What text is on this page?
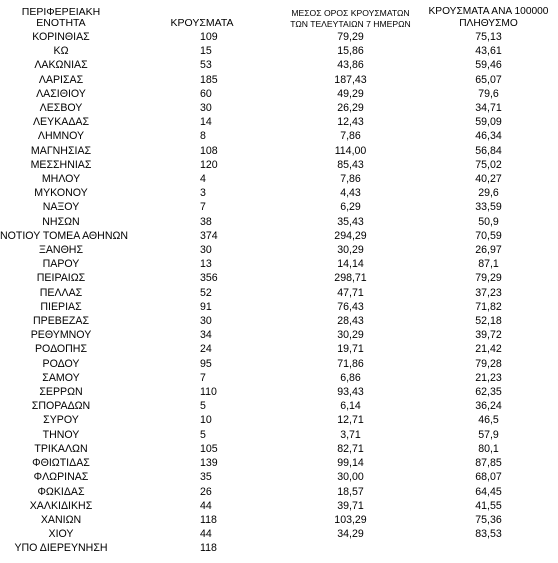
ΠΕΡΙΦΕΡΕΙΑΚΗ ΕΝΟΤΗΤΑ	ΚΡΟΥΣΜΑΤΑ	ΜΕΣΟΣ ΟΡΟΣ ΚΡΟΥΣΜΑΤΩΝ
ΤΩΝ ΤΕΛΕΥΤΑΙΩΝ 7 ΗΜΕΡΩΝ	ΚΡΟΥΣΜΑΤΑ ΑΝΑ 100000
ΠΛΗΘΥΣΜΟ

ΚΟΡΙΝΘΙΑΣ	109	79,29	75,13
ΚΩ	15	15,86	43,61
ΛΑΚΩΝΙΑΣ	53	43,86	59,46
ΛΑΡΙΣΑΣ	185	187,43	65,07
ΛΑΣΙΘΙΟΥ	60	49,29	79,6
ΛΕΣΒΟΥ	30	26,29	34,71
ΛΕΥΚΑΔΑΣ	14	12,43	59,09
ΛΗΜΝΟΥ	8	7,86	46,34
ΜΑΓΝΗΣΙΑΣ	108	114,00	56,84
ΜΕΣΣΗΝΙΑΣ	120	85,43	75,02
ΜΗΛΟΥ	4	7,86	40,27
ΜΥΚΟΝΟΥ	3	4,43	29,6
ΝΑΞΟΥ	7	6,29	33,59
ΝΗΣΩΝ	38	35,43	50,9
ΝΟΤΙΟΥ ΤΟΜΕΑ ΑΘΗΝΩΝ	374	294,29	70,59
ΞΑΝΘΗΣ	30	30,29	26,97
ΠΑΡΟΥ	13	14,14	87,1
ΠΕΙΡΑΙΩΣ	356	298,71	79,29
ΠΕΛΛΑΣ	52	47,71	37,23
ΠΙΕΡΙΑΣ	91	76,43	71,82
ΠΡΕΒΕΖΑΣ	30	28,43	52,18
ΡΕΘΥΜΝΟΥ	34	30,29	39,72
ΡΟΔΟΠΗΣ	24	19,71	21,42
ΡΟΔΟΥ	95	71,86	79,28
ΣΑΜΟΥ	7	6,86	21,23
ΣΕΡΡΩΝ	110	93,43	62,35
ΣΠΟΡΑΔΩΝ	5	6,14	36,24
ΣΥΡΟΥ	10	12,71	46,5
ΤΗΝΟΥ	5	3,71	57,9
ΤΡΙΚΑΛΩΝ	105	82,71	80,1
ΦΘΙΩΤΙΔΑΣ	139	99,14	87,85
ΦΛΩΡΙΝΑΣ	35	30,00	68,07
ΦΩΚΙΔΑΣ	26	18,57	64,45
ΧΑΛΚΙΔΙΚΗΣ	44	39,71	41,55
ΧΑΝΙΩΝ	118	103,29	75,36
ΧΙΟΥ	44	34,29	83,53
ΥΠΟ ΔΙΕΡΕΥΝΗΣΗ	118		
